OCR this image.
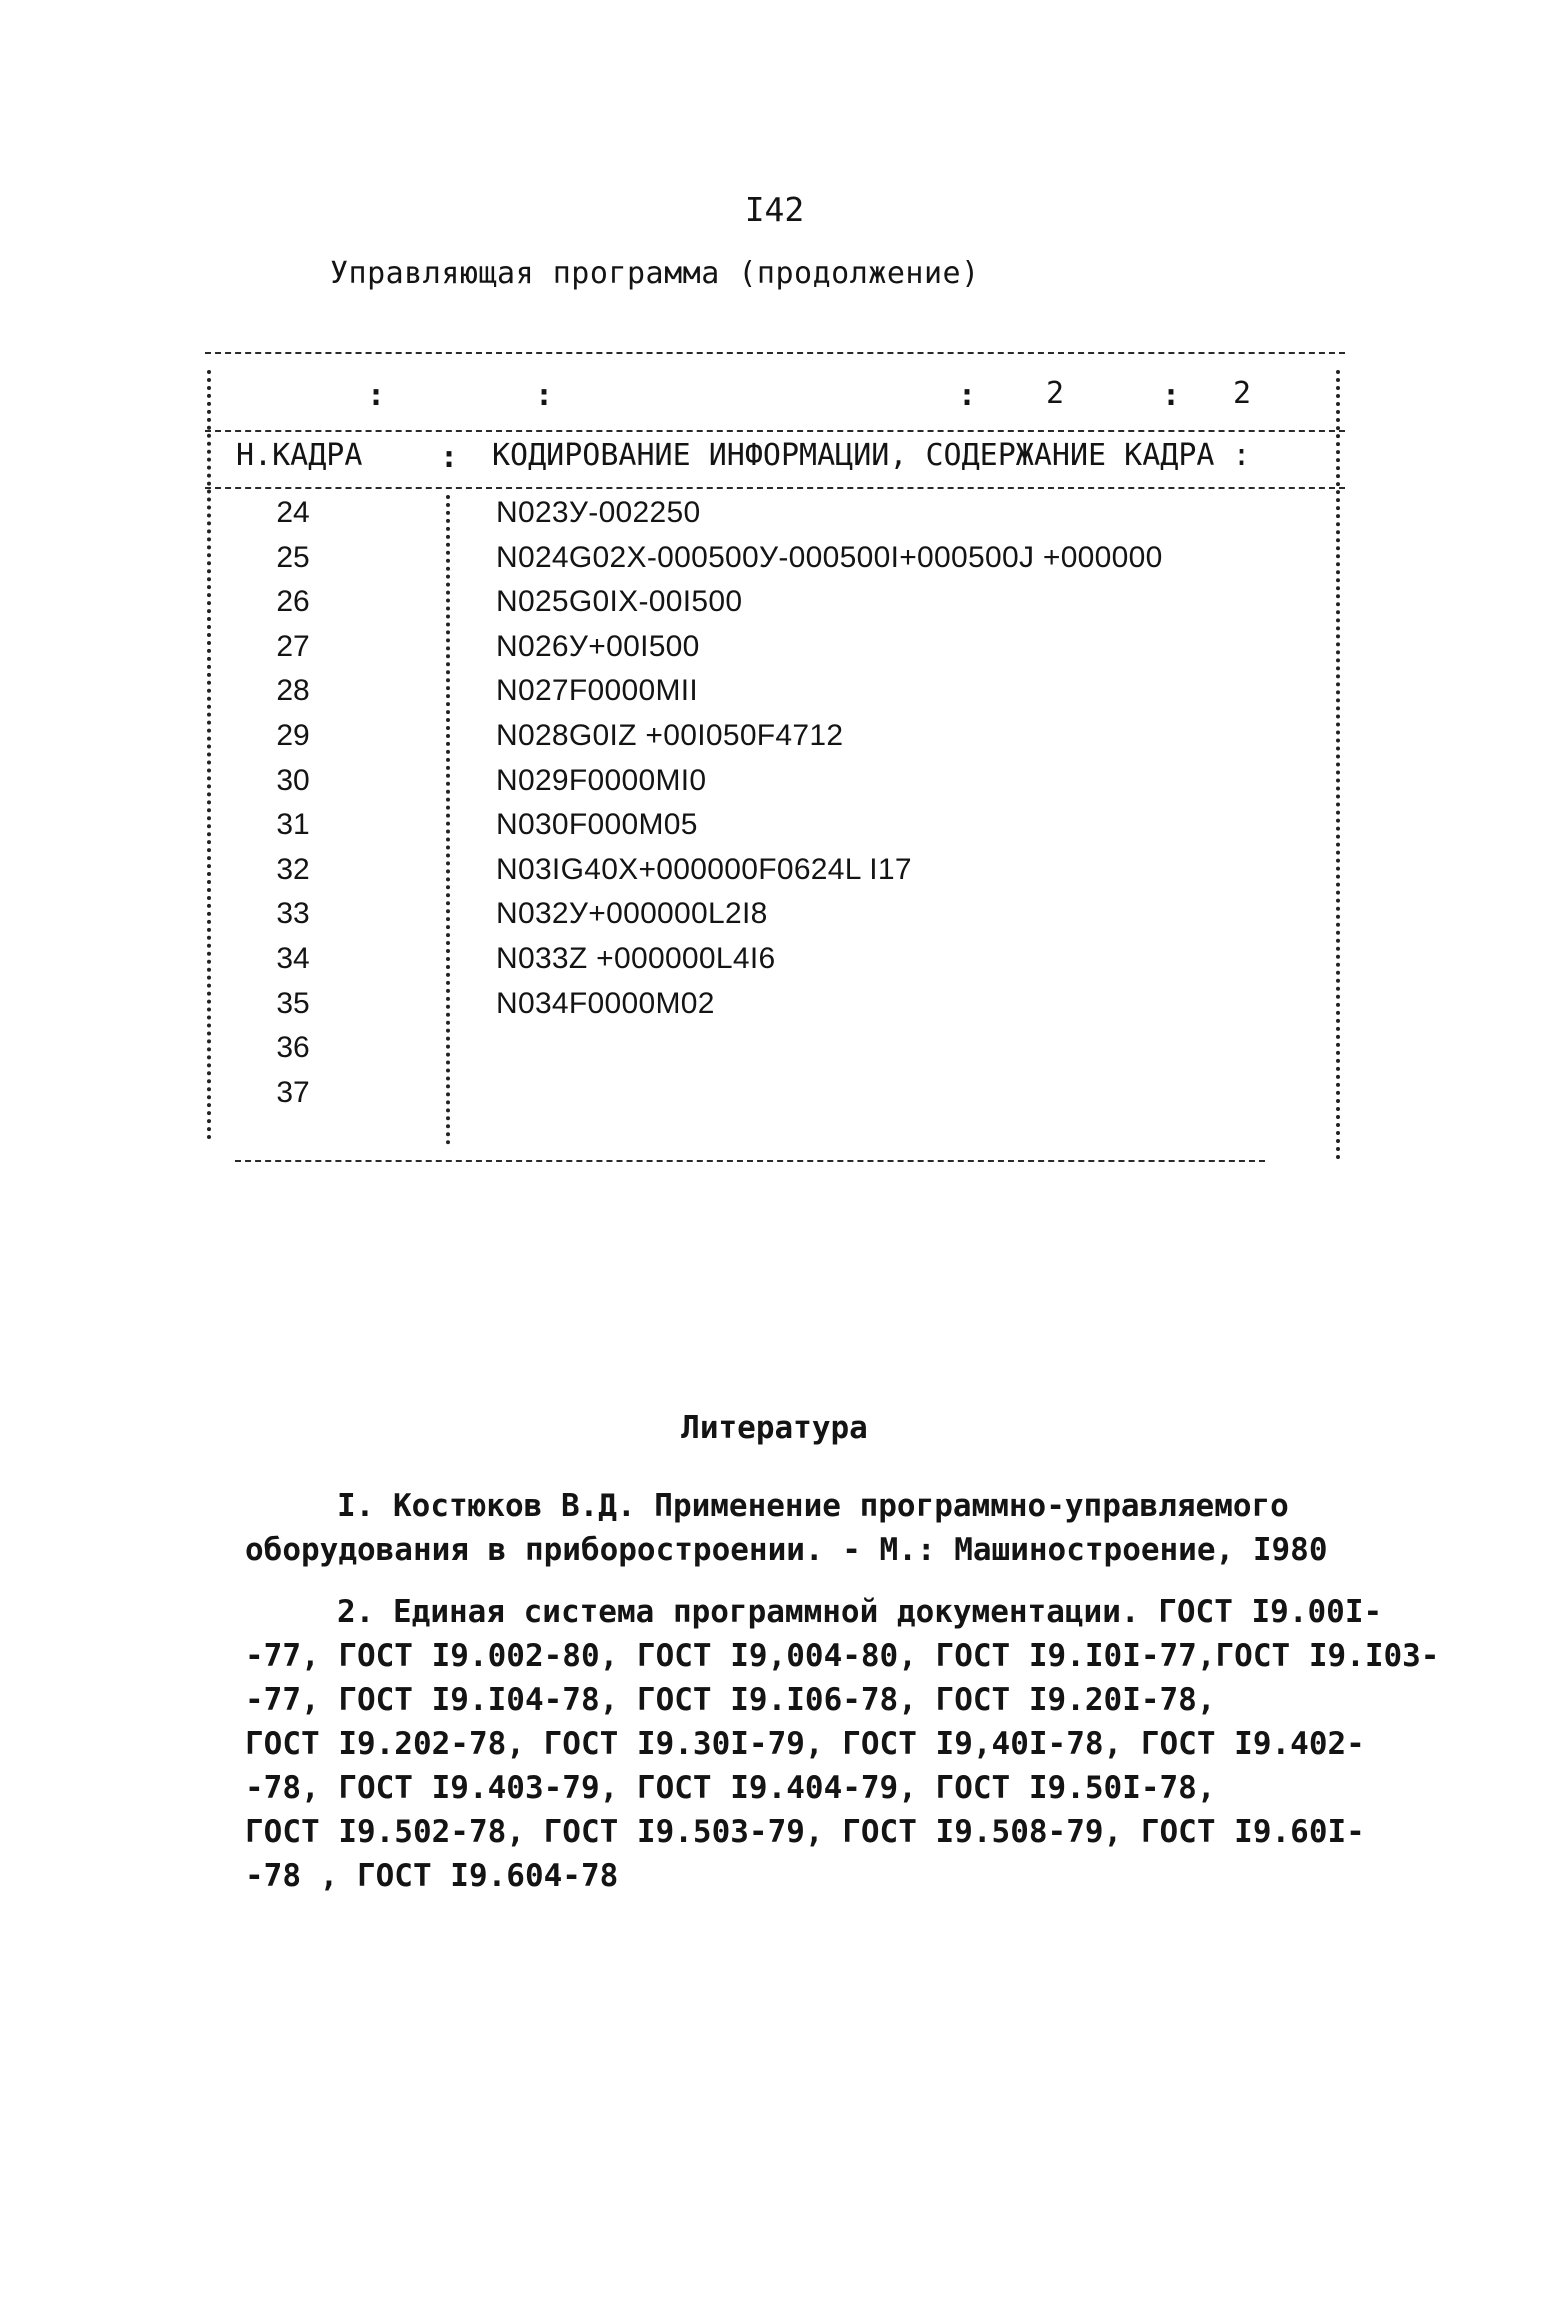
I42
Управляющая программа (продолжение)
:	:	: 2	: 2
Н.КАДРА	: КОДИРОВАНИЕ ИНФОРМАЦИИ, СОДЕРЖАНИЕ КАДРА :
24	N023У-002250
25	N024G02X-000500У-000500I+000500J +000000
26	N025G0IX-00I500
27	N026У+00I500
28	N027F0000MII
29	N028G0IZ +00I050F4712
30	N029F0000MI0
31	N030F000M05
32	N03IG40X+000000F0624L I17
33	N032У+000000L2I8
34	N033Z +000000L4I6
35	N034F0000M02
36
37
Литература
I. Костюков В.Д. Применение программно-управляемого
оборудования в приборостроении. - М.: Машиностроение, I980
2. Единая система программной документации. ГОСТ I9.00I-
-77, ГОСТ I9.002-80, ГОСТ I9,004-80, ГОСТ I9.I0I-77,ГОСТ I9.I03-
-77, ГОСТ I9.I04-78, ГОСТ I9.I06-78, ГОСТ I9.20I-78,
ГОСТ I9.202-78, ГОСТ I9.30I-79, ГОСТ I9,40I-78, ГОСТ I9.402-
-78, ГОСТ I9.403-79, ГОСТ I9.404-79, ГОСТ I9.50I-78,
ГОСТ I9.502-78, ГОСТ I9.503-79, ГОСТ I9.508-79, ГОСТ I9.60I-
-78 , ГОСТ I9.604-78
